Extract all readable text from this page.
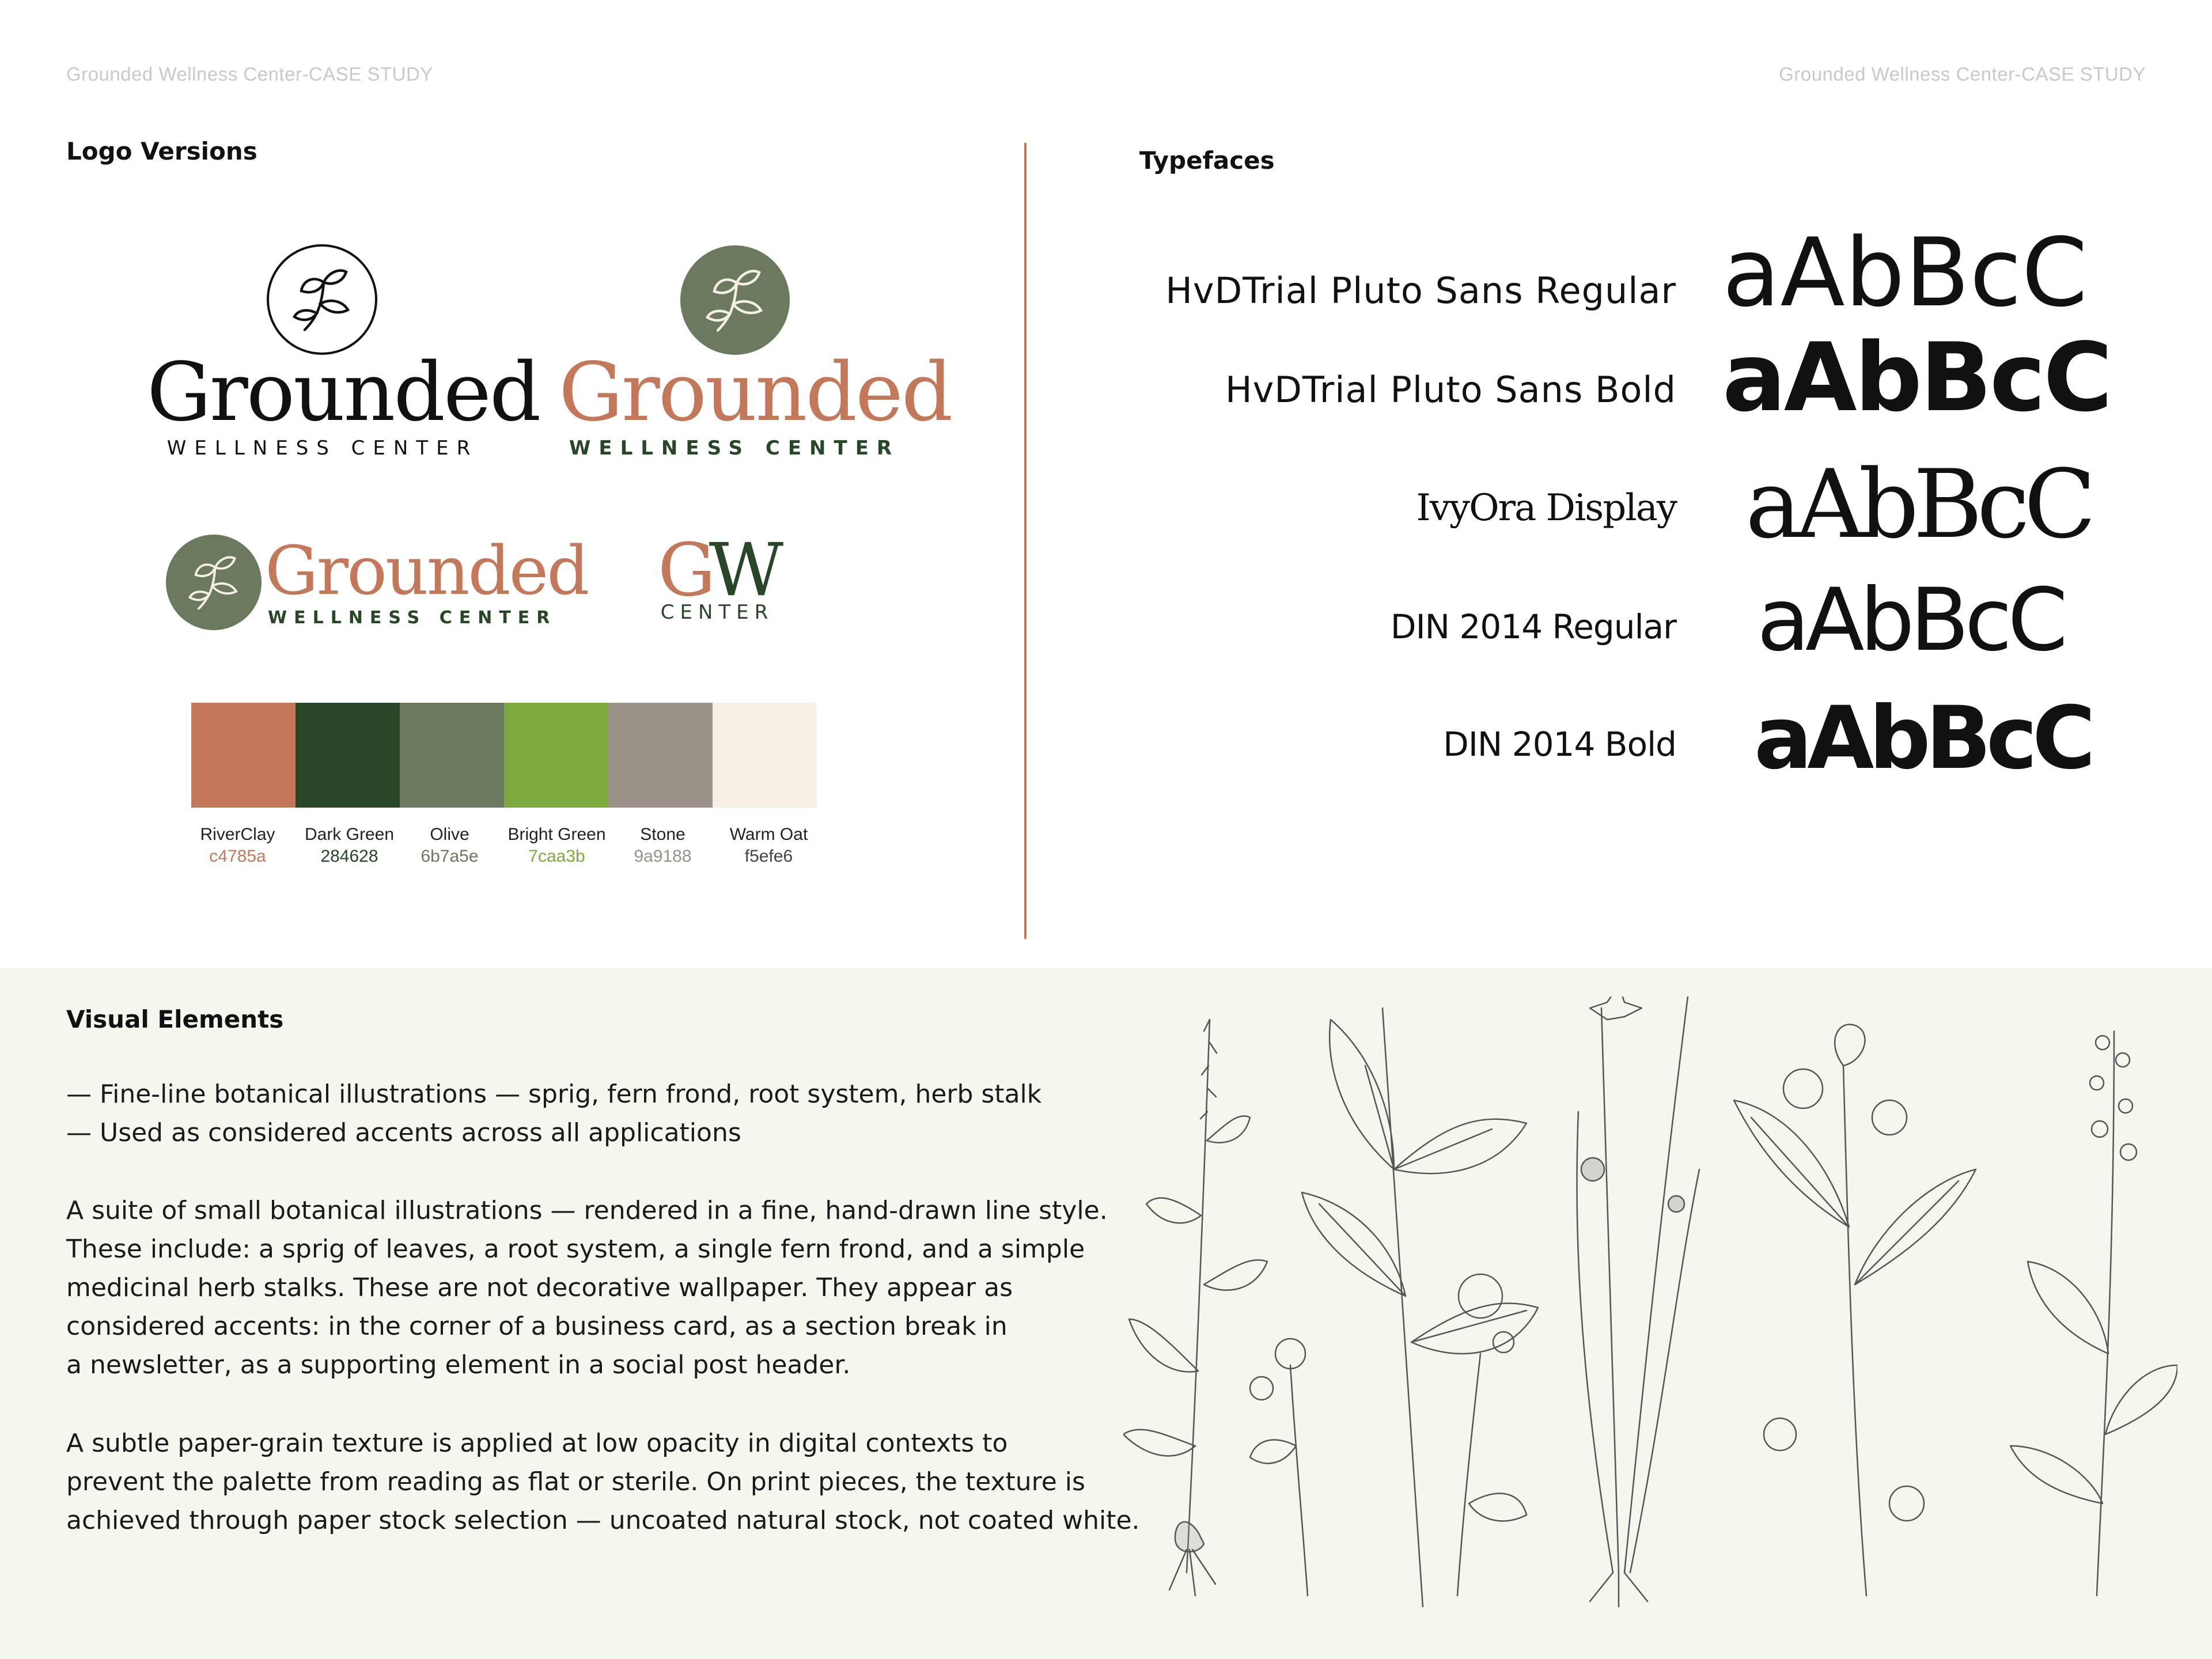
Grounded Wellness Center-CASE STUDY	Grounded Wellness Center-CASE STUDY
Logo Versions
Grounded
WELLNESS CENTER
Grounded
WELLNESS CENTER
Grounded
WELLNESS CENTER
GW
CENTER
RiverClay
c4785a
Dark Green
284628
Olive
6b7a5e
Bright Green
7caa3b
Stone
9a9188
Warm Oat
f5efe6
Typefaces
HvDTrial Pluto Sans Regular aAbBcC
HvDTrial Pluto Sans Bold aAbBcC
IvyOra Display aAbBcC
DIN 2014 Regular aAbBcC
DIN 2014 Bold aAbBcC
Visual Elements
— Fine-line botanical illustrations — sprig, fern frond, root system, herb stalk
— Used as considered accents across all applications
A suite of small botanical illustrations — rendered in a fine, hand-drawn line style.
These include: a sprig of leaves, a root system, a single fern frond, and a simple
medicinal herb stalks. These are not decorative wallpaper. They appear as
considered accents: in the corner of a business card, as a section break in
a newsletter, as a supporting element in a social post header.
A subtle paper-grain texture is applied at low opacity in digital contexts to
prevent the palette from reading as flat or sterile. On print pieces, the texture is
achieved through paper stock selection — uncoated natural stock, not coated white.
